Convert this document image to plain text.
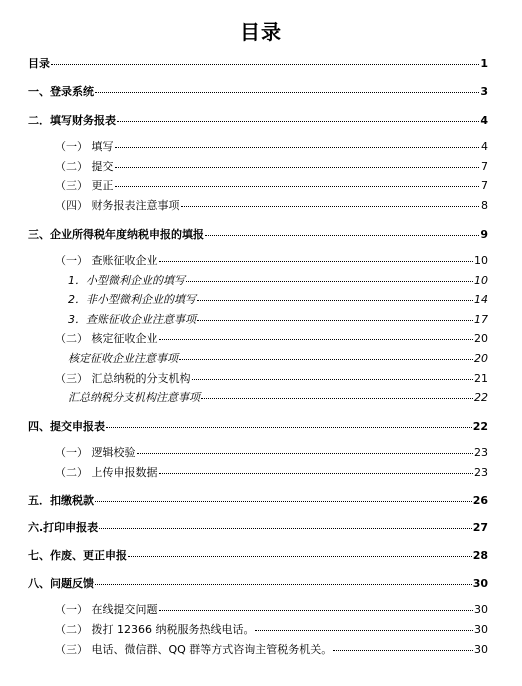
目录
目录	1
一、登录系统	3
二．填写财务报表	4
（一） 填写	4
（二） 提交	7
（三） 更正	7
（四） 财务报表注意事项	8
三、企业所得税年度纳税申报的填报	9
（一） 查账征收企业	10
1．小型微利企业的填写	10
2．非小型微利企业的填写	14
3．查账征收企业注意事项	17
（二） 核定征收企业	20
核定征收企业注意事项	20
（三） 汇总纳税的分支机构	21
汇总纳税分支机构注意事项	22
四、提交申报表	22
（一） 逻辑校验	23
（二） 上传申报数据	23
五．扣缴税款	26
六.打印申报表	27
七、作废、更正申报	28
八、问题反馈	30
（一） 在线提交问题	30
（二） 拨打 12366 纳税服务热线电话。	30
（三） 电话、微信群、QQ 群等方式咨询主管税务机关。	30
